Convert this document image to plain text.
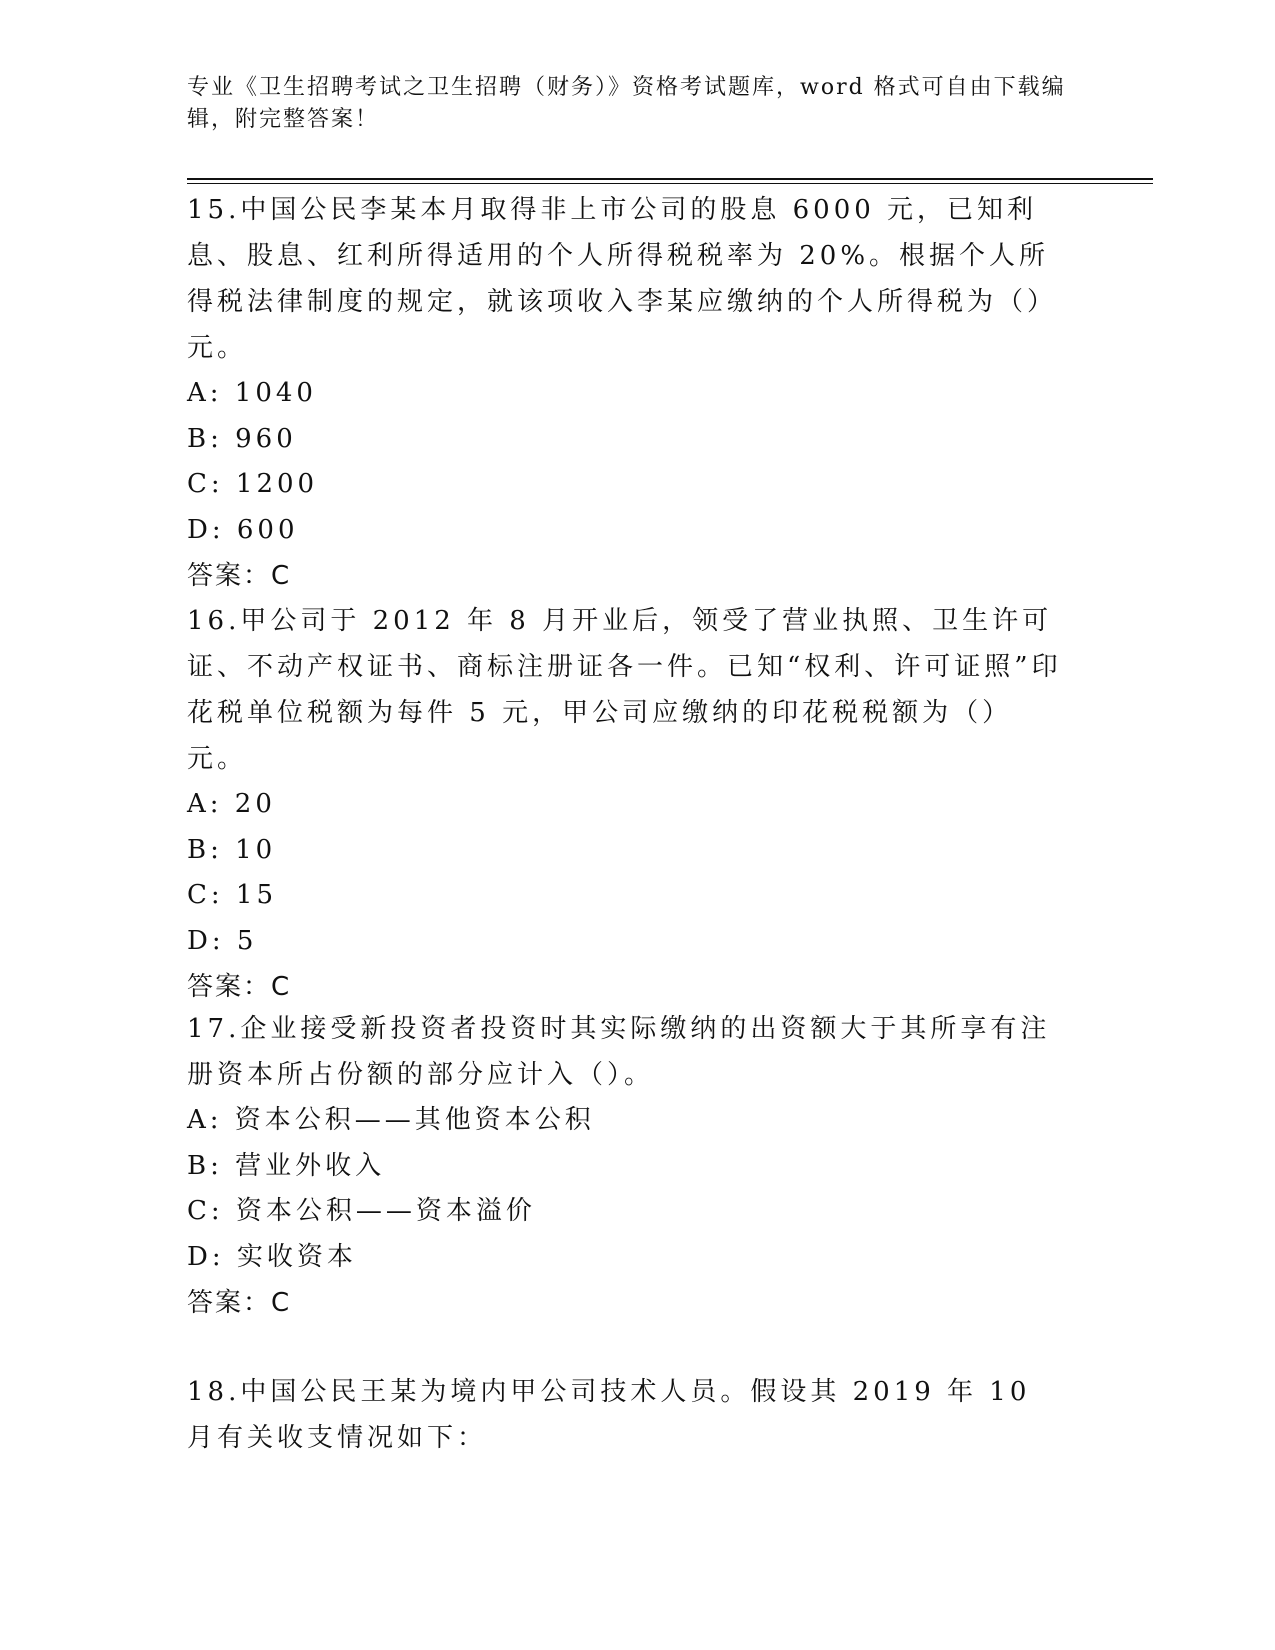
专业《卫生招聘考试之卫生招聘（财务）》资格考试题库，word 格式可自由下载编辑，附完整答案！

15.中国公民李某本月取得非上市公司的股息 6000 元，已知利息、股息、红利所得适用的个人所得税税率为 20%。根据个人所得税法律制度的规定，就该项收入李某应缴纳的个人所得税为（）元。

A: 1040
B: 960
C: 1200
D: 600
答案：C

16.甲公司于 2012 年 8 月开业后，领受了营业执照、卫生许可证、不动产权证书、商标注册证各一件。已知“权利、许可证照”印花税单位税额为每件 5 元，甲公司应缴纳的印花税税额为（）元。

A: 20
B: 10
C: 15
D: 5
答案：C

17.企业接受新投资者投资时其实际缴纳的出资额大于其所享有注册资本所占份额的部分应计入（）。

A: 资本公积——其他资本公积
B: 营业外收入
C: 资本公积——资本溢价
D: 实收资本
答案：C

18.中国公民王某为境内甲公司技术人员。假设其 2019 年 10 月有关收支情况如下：
